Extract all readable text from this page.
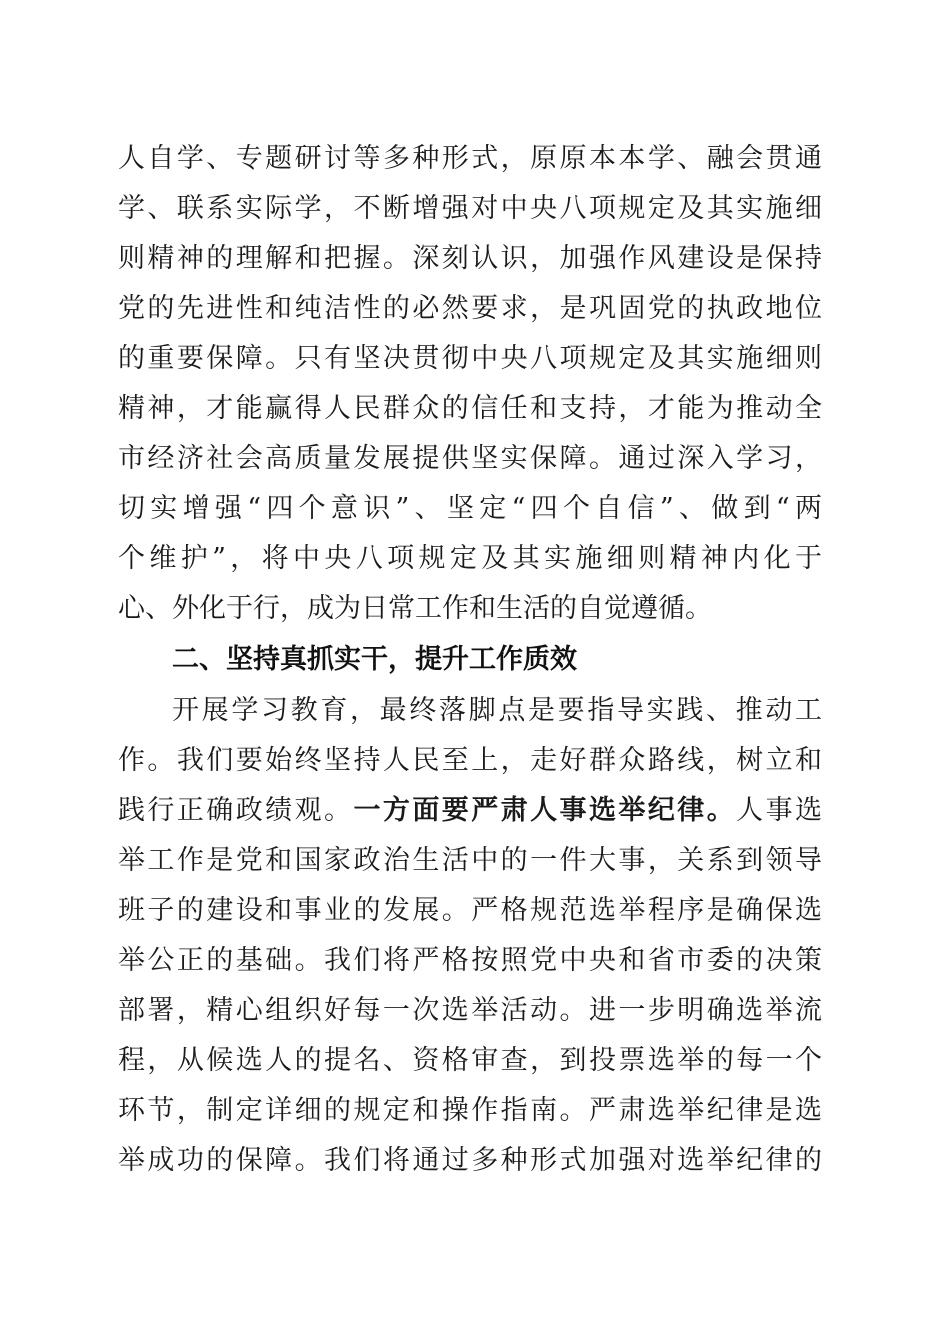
人自学、专题研讨等多种形式，原原本本学、融会贯通
学、联系实际学，不断增强对中央八项规定及其实施细
则精神的理解和把握。深刻认识，加强作风建设是保持
党的先进性和纯洁性的必然要求，是巩固党的执政地位
的重要保障。只有坚决贯彻中央八项规定及其实施细则
精神，才能赢得人民群众的信任和支持，才能为推动全
市经济社会高质量发展提供坚实保障。通过深入学习，
切实增强“四个意识”、坚定“四个自信”、做到“两
个维护”，将中央八项规定及其实施细则精神内化于
心、外化于行，成为日常工作和生活的自觉遵循。
二、坚持真抓实干，提升工作质效
开展学习教育，最终落脚点是要指导实践、推动工
作。我们要始终坚持人民至上，走好群众路线，树立和
践行正确政绩观。一方面要严肃人事选举纪律。人事选
举工作是党和国家政治生活中的一件大事，关系到领导
班子的建设和事业的发展。严格规范选举程序是确保选
举公正的基础。我们将严格按照党中央和省市委的决策
部署，精心组织好每一次选举活动。进一步明确选举流
程，从候选人的提名、资格审查，到投票选举的每一个
环节，制定详细的规定和操作指南。严肃选举纪律是选
举成功的保障。我们将通过多种形式加强对选举纪律的
